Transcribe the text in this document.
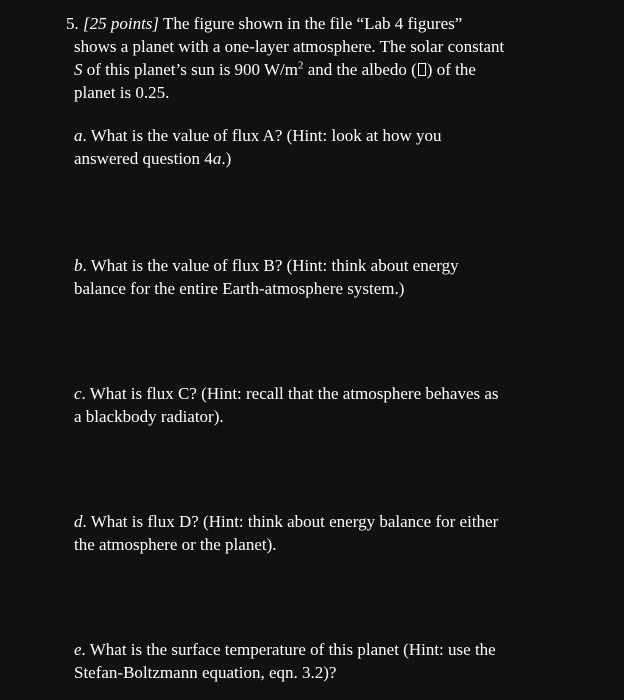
5. [25 points] The figure shown in the file “Lab 4 figures”
shows a planet with a one-layer atmosphere. The solar constant
S of this planet’s sun is 900 $W/m^2$ and the albedo ( ) of the
planet is 0.25.
a. What is the value of flux A? (Hint: look at how you
answered question 4a.)
b. What is the value of flux B? (Hint: think about energy
balance for the entire Earth-atmosphere system.)
c. What is flux C? (Hint: recall that the atmosphere behaves as
a blackbody radiator).
d. What is flux D? (Hint: think about energy balance for either
the atmosphere or the planet).
e. What is the surface temperature of this planet (Hint: use the
Stefan-Boltzmann equation, eqn. 3.2)?
